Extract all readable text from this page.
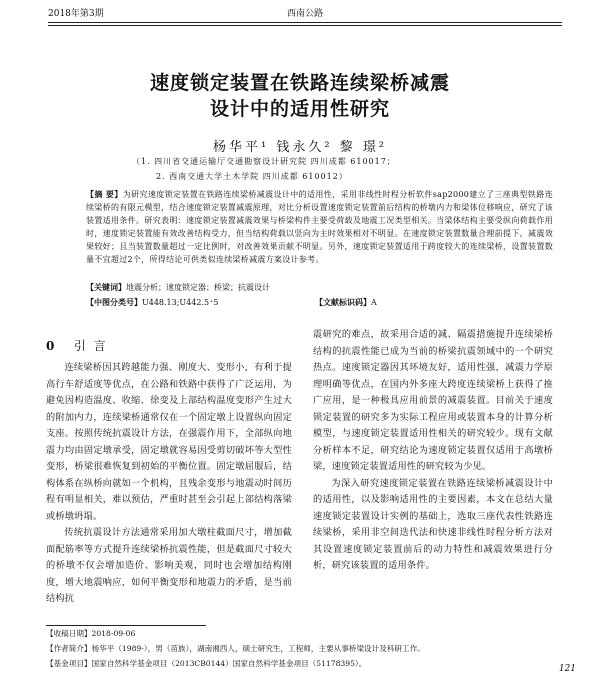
2018年第3期	西南公路
速度锁定装置在铁路连续梁桥减震
设计中的适用性研究
杨华平¹ 钱永久² 黎 璟²
（1. 四川省交通运输厅交通勘察设计研究院 四川成都 610017；
2. 西南交通大学土木学院 四川成都 610012）
【摘 要】为研究速度锁定装置在铁路连续梁桥减震设计中的适用性，采用非线性时程分析软件sap2000建立了三座典型铁路连续梁桥的有限元模型，结合速度锁定装置减震原理，对比分析设置速度锁定装置前后结构的桥墩内力和梁体位移响应，研究了该装置适用条件。研究表明：速度锁定装置减震效果与桥梁构件主要受荷载及地震工况类型相关。当梁体结构主要受纵向荷载作用时，速度锁定装置能有效改善结构受力，但当结构荷载以竖向为主时效果相对不明显。在速度锁定装置数量合理前提下，减震效果较好；且当装置数量超过一定比例时，对改善效果贡献不明显。另外，速度锁定装置适用于跨度较大的连续梁桥，设置装置数量不宜超过2个，所得结论可供类似连续梁桥减震方案设计参考。
【关键词】地震分析；速度锁定器；桥梁；抗震设计
【中图分类号】U448.13;U442.5⁺5	【文献标识码】A
0 引 言

连续梁桥因其跨越能力强、刚度大、变形小，有利于提高行车舒适度等优点，在公路和铁路中获得了广泛运用，为避免因构造温度、收缩、徐变及上部结构温度变形产生过大的附加内力，连续梁桥通常仅在一个固定墩上设置纵向固定支座。按照传统抗震设计方法，在强震作用下，全部纵向地震力均由固定墩承受，固定墩就容易因受剪切破坏等大型性变形，桥梁很难恢复到初始的平衡位置。固定墩屈服后，结构体系在纵桥向就如一个机构，且残余变形与地震动时间历程有明显相关，难以预估，严重时甚至会引起上部结构落梁或桥墩坍塌。

传统抗震设计方法通常采用加大墩柱截面尺寸，增加截面配筋率等方式提升连续梁桥抗震性能，但是截面尺寸较大的桥墩不仅会增加造价、影响美观，同时也会增加结构刚度，增大地震响应，如何平衡变形和地震力的矛盾，是当前结构抗

震研究的难点，故采用合适的减、隔震措施提升连续梁桥结构的抗震性能已成为当前的桥梁抗震领域中的一个研究热点。速度锁定器因其环境友好，适用性强，减震力学原理明确等优点，在国内外多座大跨度连续梁桥上获得了推广应用，是一种极具应用前景的减震装置。目前关于速度锁定装置的研究多为实际工程应用或装置本身的计算分析模型，与速度锁定装置适用性相关的研究较少。现有文献分析样本不足，研究结论为速度锁定装置仅适用于高墩桥梁，速度锁定装置适用性的研究较为少见。

为深入研究速度锁定装置在铁路连续梁桥减震设计中的适用性，以及影响适用性的主要因素，本文在总结大量速度锁定装置设计实例的基础上，选取三座代表性铁路连续梁桥，采用非空间迭代法和快速非线性时程分析方法对其设置速度锁定装置前后的动力特性和减震效果进行分析，研究该装置的适用条件。

【收稿日期】2018-09-06
【作者简介】杨华平（1989-），男（苗族），湖南湘西人，硕士研究生，工程师，主要从事桥梁设计及科研工作。
【基金项目】国家自然科学基金项目（2013CB0144）国家自然科学基金项目（51178395）。
121
